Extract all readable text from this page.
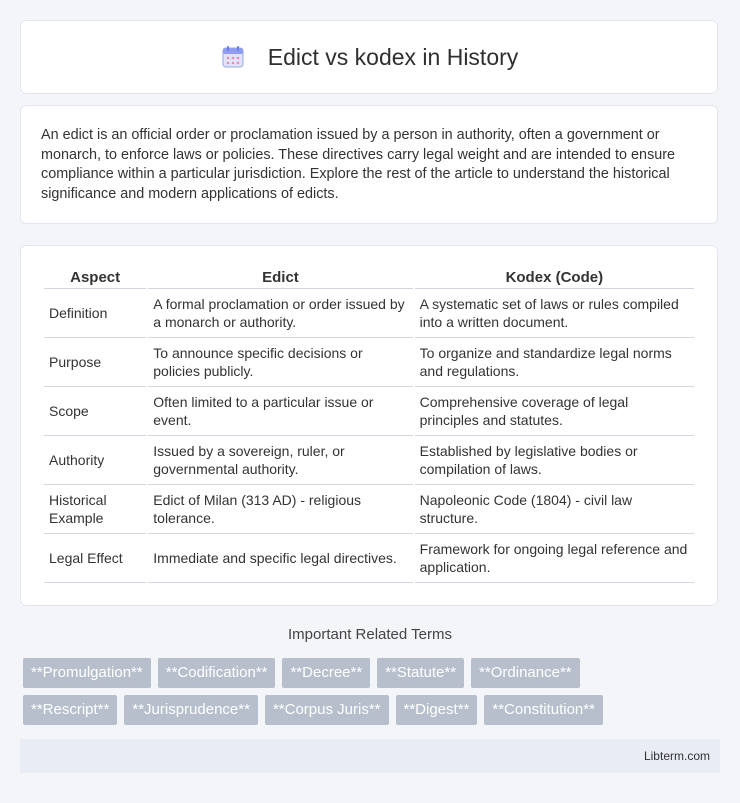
Edict vs kodex in History

An edict is an official order or proclamation issued by a person in authority, often a government or monarch, to enforce laws or policies. These directives carry legal weight and are intended to ensure compliance within a particular jurisdiction. Explore the rest of the article to understand the historical significance and modern applications of edicts.

Aspect	Edict	Kodex (Code)
Definition	A formal proclamation or order issued by a monarch or authority.	A systematic set of laws or rules compiled into a written document.
Purpose	To announce specific decisions or policies publicly.	To organize and standardize legal norms and regulations.
Scope	Often limited to a particular issue or event.	Comprehensive coverage of legal principles and statutes.
Authority	Issued by a sovereign, ruler, or governmental authority.	Established by legislative bodies or compilation of laws.
Historical Example	Edict of Milan (313 AD) - religious tolerance.	Napoleonic Code (1804) - civil law structure.
Legal Effect	Immediate and specific legal directives.	Framework for ongoing legal reference and application.
Important Related Terms
**Promulgation**	**Codification**	**Decree**	**Statute**	**Ordinance**
**Rescript**	**Jurisprudence**	**Corpus Juris**	**Digest**	**Constitution**
Libterm.com
